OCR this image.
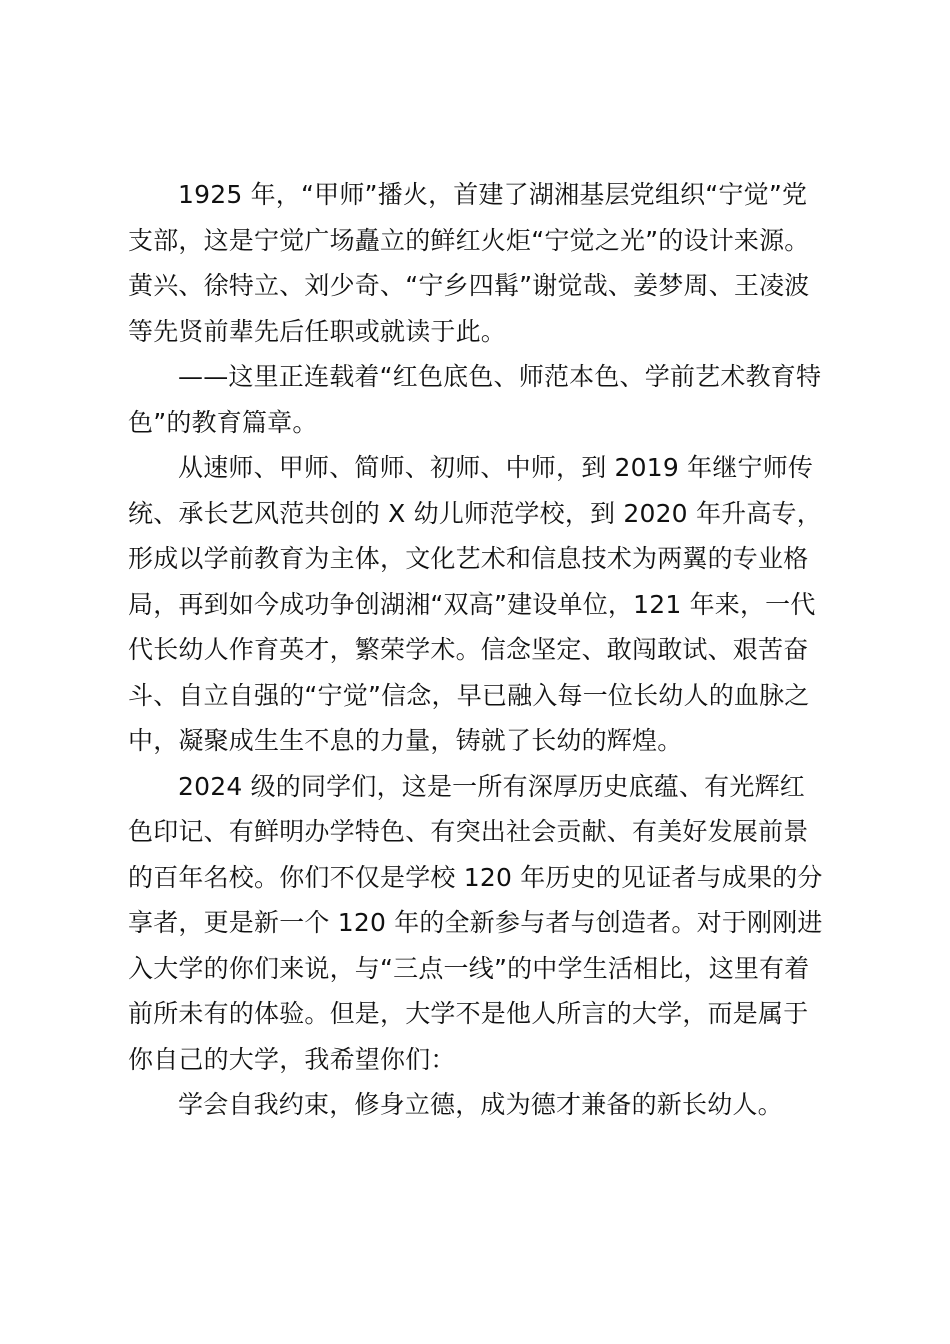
1925 年，“甲师”播火，首建了湖湘基层党组织“宁觉”党
支部，这是宁觉广场矗立的鲜红火炬“宁觉之光”的设计来源。
黄兴、徐特立、刘少奇、“宁乡四髯”谢觉哉、姜梦周、王凌波
等先贤前辈先后任职或就读于此。
——这里正连载着“红色底色、师范本色、学前艺术教育特
色”的教育篇章。
从速师、甲师、简师、初师、中师，到 2019 年继宁师传
统、承长艺风范共创的 X 幼儿师范学校，到 2020 年升高专，
形成以学前教育为主体，文化艺术和信息技术为两翼的专业格
局，再到如今成功争创湖湘“双高”建设单位，121 年来，一代
代长幼人作育英才，繁荣学术。信念坚定、敢闯敢试、艰苦奋
斗、自立自强的“宁觉”信念，早已融入每一位长幼人的血脉之
中，凝聚成生生不息的力量，铸就了长幼的辉煌。
2024 级的同学们，这是一所有深厚历史底蕴、有光辉红
色印记、有鲜明办学特色、有突出社会贡献、有美好发展前景
的百年名校。你们不仅是学校 120 年历史的见证者与成果的分
享者，更是新一个 120 年的全新参与者与创造者。对于刚刚进
入大学的你们来说，与“三点一线”的中学生活相比，这里有着
前所未有的体验。但是，大学不是他人所言的大学，而是属于
你自己的大学，我希望你们：
学会自我约束，修身立德，成为德才兼备的新长幼人。
